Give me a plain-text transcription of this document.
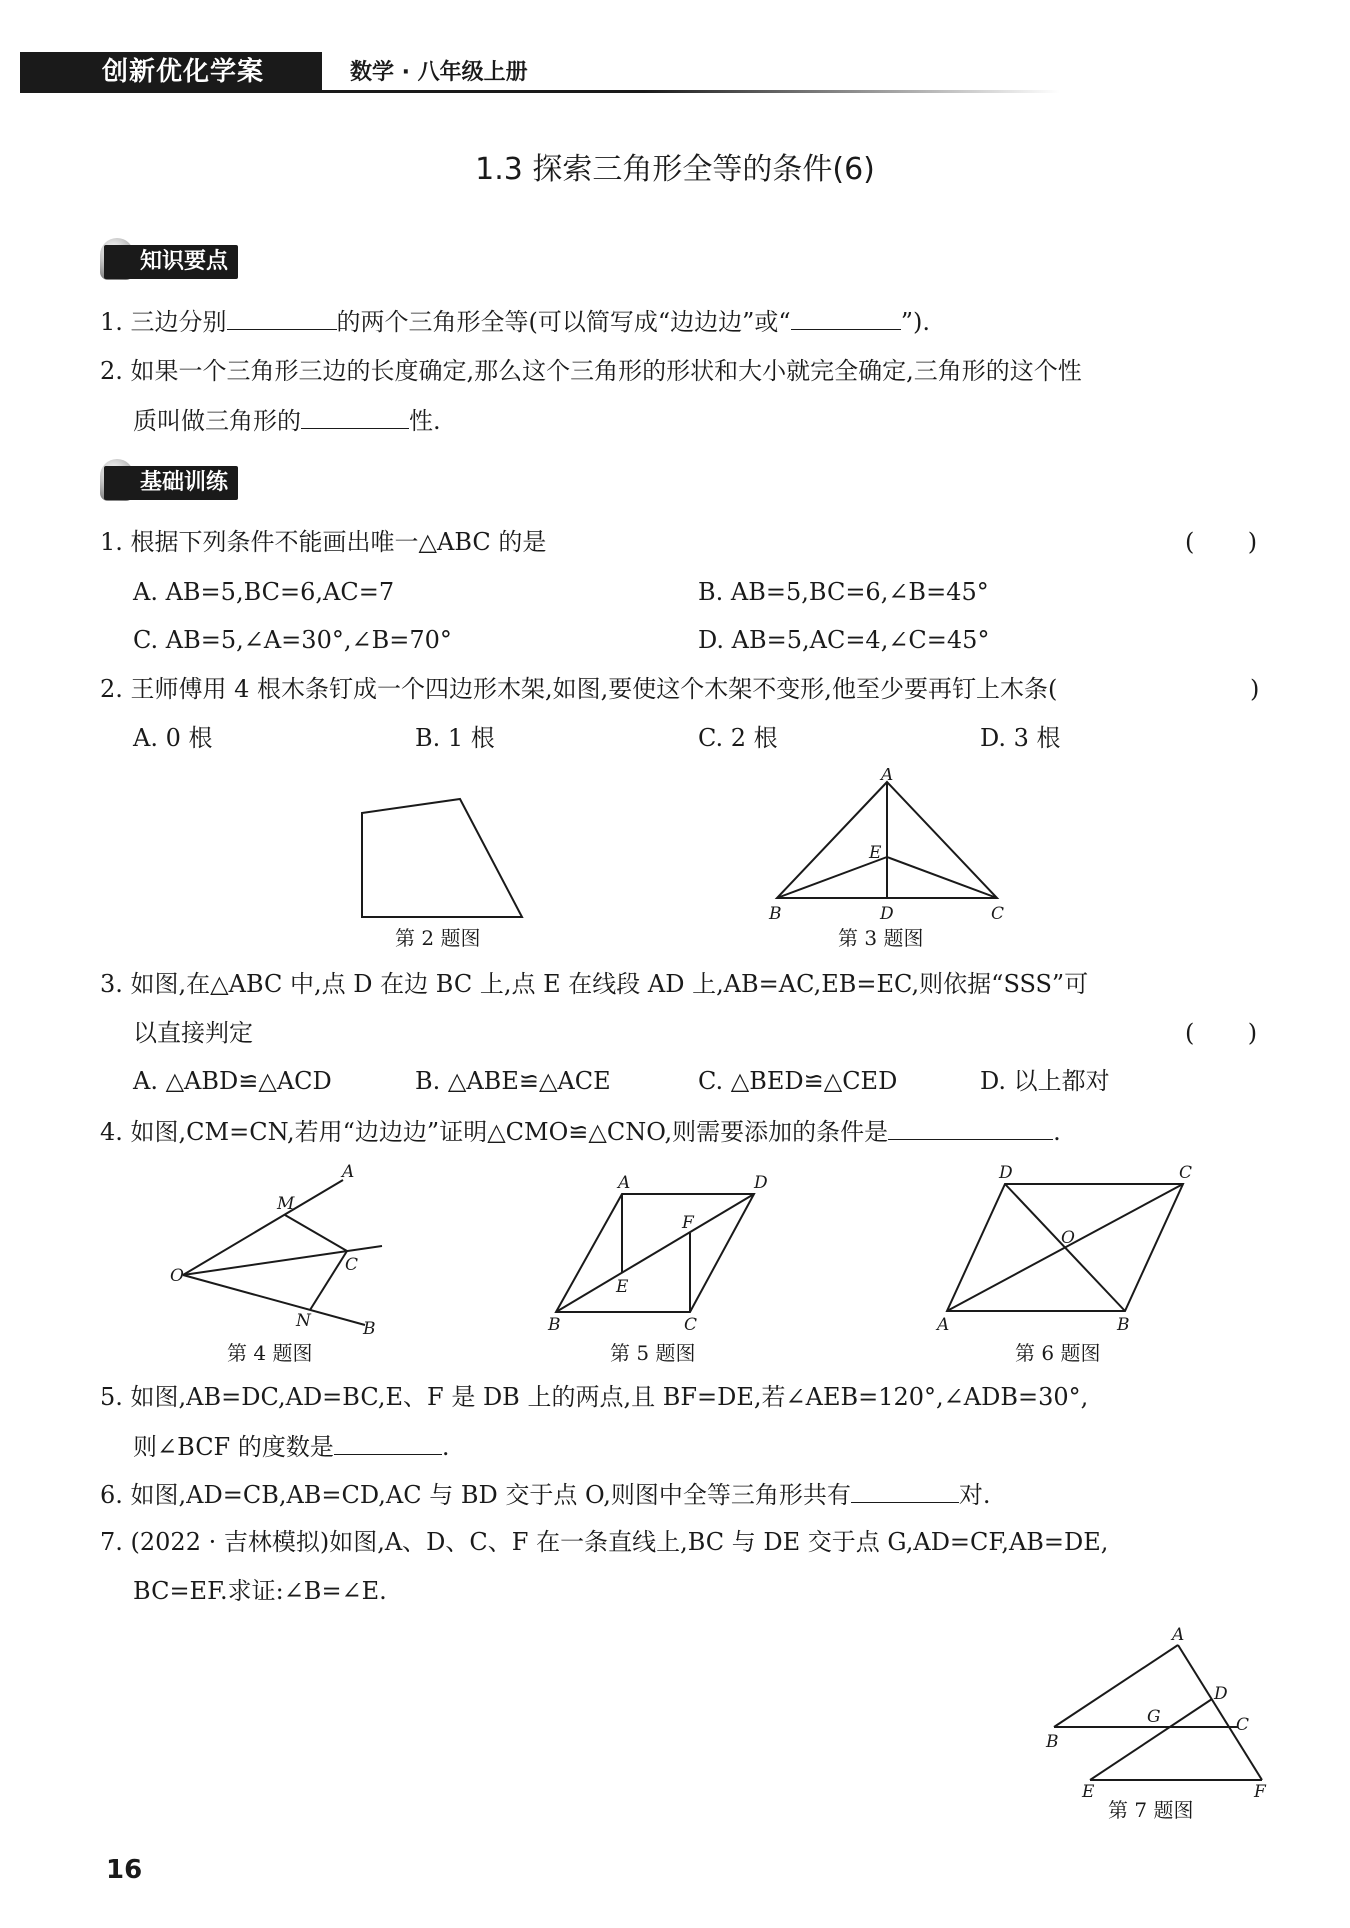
创新优化学案	数学 · 八年级上册
1.3 探索三角形全等的条件(6)
知识要点
1. 三边分别	的两个三角形全等(可以简写成“边边边”或“	”).
2. 如果一个三角形三边的长度确定,那么这个三角形的形状和大小就完全确定,三角形的这个性
质叫做三角形的	性.
基础训练
1. 根据下列条件不能画出唯一△ABC 的是	(       )
A. AB=5,BC=6,AC=7	B. AB=5,BC=6,∠B=45°
C. AB=5,∠A=30°,∠B=70°	D. AB=5,AC=4,∠C=45°
2. 王师傅用 4 根木条钉成一个四边形木架,如图,要使这个木架不变形,他至少要再钉上木条(	)
A. 0 根	B. 1 根	C. 2 根	D. 3 根
第 2 题图
A
E
B	D	C
第 3 题图
3. 如图,在△ABC 中,点 D 在边 BC 上,点 E 在线段 AD 上,AB=AC,EB=EC,则依据“SSS”可
以直接判定	(       )
A. △ABD≌△ACD	B. △ABE≌△ACE	C. △BED≌△CED	D. 以上都对
4. 如图,CM=CN,若用“边边边”证明△CMO≌△CNO,则需要添加的条件是	.
A
M
C
O
N	B
第 4 题图
A	D
F
E
B	C
第 5 题图
D	C
O
A	B
第 6 题图
5. 如图,AB=DC,AD=BC,E、F 是 DB 上的两点,且 BF=DE,若∠AEB=120°,∠ADB=30°,
则∠BCF 的度数是	.
6. 如图,AD=CB,AB=CD,AC 与 BD 交于点 O,则图中全等三角形共有	对.
7. (2022 · 吉林模拟)如图,A、D、C、F 在一条直线上,BC 与 DE 交于点 G,AD=CF,AB=DE,
BC=EF.求证:∠B=∠E.
A
D
G	C
B
E	F
第 7 题图
16
